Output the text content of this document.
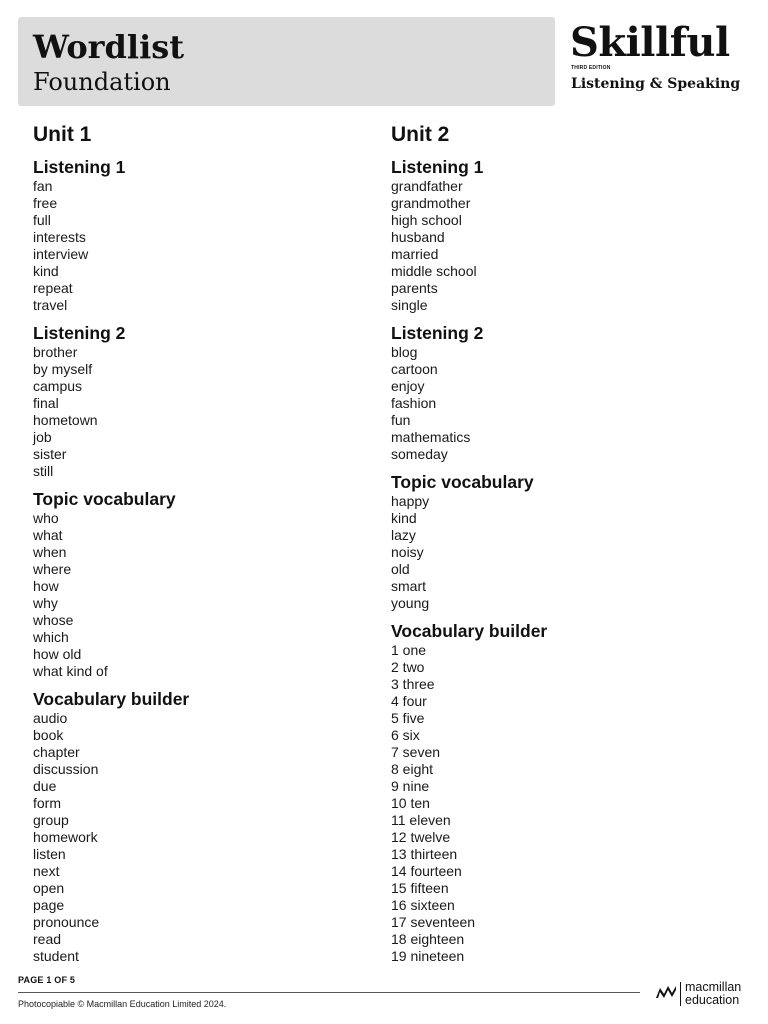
Wordlist
Foundation
Skillful
THIRD EDITION
Listening & Speaking
Unit 1
Listening 1
fan
free
full
interests
interview
kind
repeat
travel
Listening 2
brother
by myself
campus
final
hometown
job
sister
still
Topic vocabulary
who
what
when
where
how
why
whose
which
how old
what kind of
Vocabulary builder
audio
book
chapter
discussion
due
form
group
homework
listen
next
open
page
pronounce
read
student
Unit 2
Listening 1
grandfather
grandmother
high school
husband
married
middle school
parents
single
Listening 2
blog
cartoon
enjoy
fashion
fun
mathematics
someday
Topic vocabulary
happy
kind
lazy
noisy
old
smart
young
Vocabulary builder
1 one
2 two
3 three
4 four
5 five
6 six
7 seven
8 eight
9 nine
10 ten
11 eleven
12 twelve
13 thirteen
14 fourteen
15 fifteen
16 sixteen
17 seventeen
18 eighteen
19 nineteen
PAGE 1 OF 5
Photocopiable © Macmillan Education Limited 2024.
macmillan
education
